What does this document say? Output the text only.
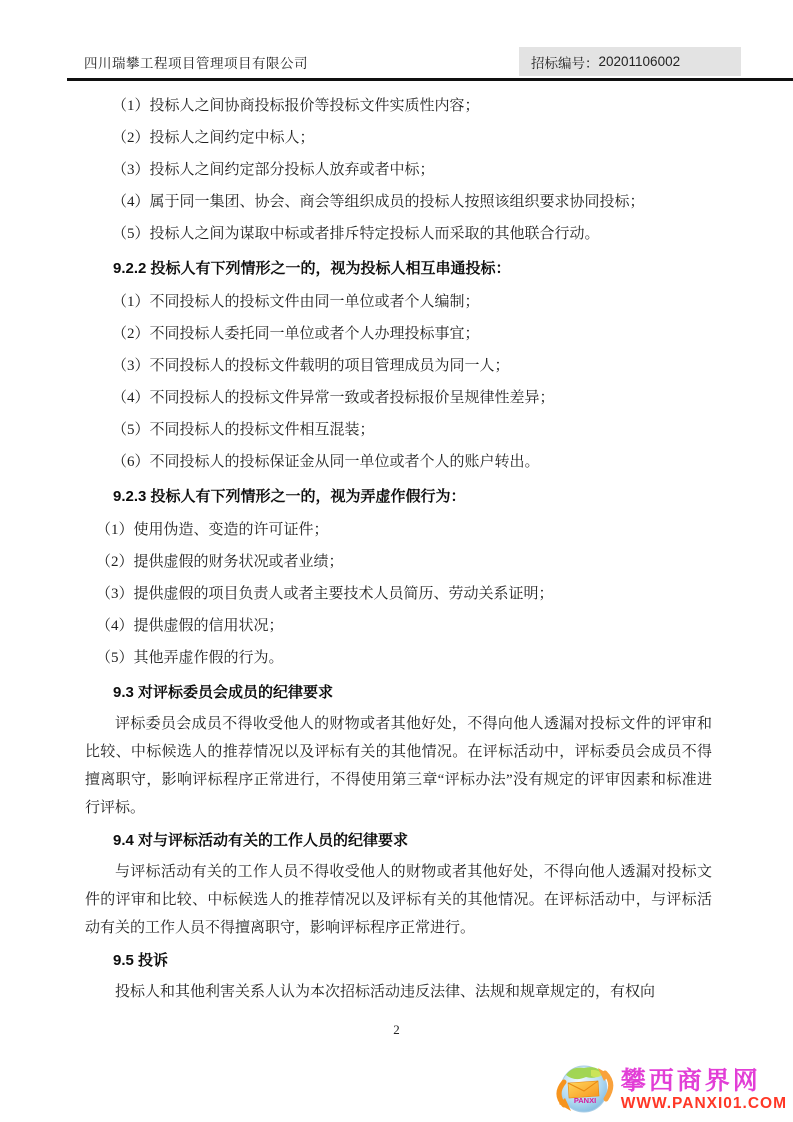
四川瑞攀工程项目管理项目有限公司	招标编号： 20201106002
（1）投标人之间协商投标报价等投标文件实质性内容；
（2）投标人之间约定中标人；
（3）投标人之间约定部分投标人放弃或者中标；
（4）属于同一集团、协会、商会等组织成员的投标人按照该组织要求协同投标；
（5）投标人之间为谋取中标或者排斥特定投标人而采取的其他联合行动。
9.2.2 投标人有下列情形之一的，视为投标人相互串通投标：
（1）不同投标人的投标文件由同一单位或者个人编制；
（2）不同投标人委托同一单位或者个人办理投标事宜；
（3）不同投标人的投标文件载明的项目管理成员为同一人；
（4）不同投标人的投标文件异常一致或者投标报价呈规律性差异；
（5）不同投标人的投标文件相互混装；
（6）不同投标人的投标保证金从同一单位或者个人的账户转出。
9.2.3 投标人有下列情形之一的，视为弄虚作假行为：
（1）使用伪造、变造的许可证件；
（2）提供虚假的财务状况或者业绩；
（3）提供虚假的项目负责人或者主要技术人员简历、劳动关系证明；
（4）提供虚假的信用状况；
（5）其他弄虚作假的行为。
9.3 对评标委员会成员的纪律要求

评标委员会成员不得收受他人的财物或者其他好处，不得向他人透漏对投标文件的评审和比较、中标候选人的推荐情况以及评标有关的其他情况。在评标活动中，评标委员会成员不得擅离职守，影响评标程序正常进行，不得使用第三章“评标办法”没有规定的评审因素和标准进行评标。

9.4 对与评标活动有关的工作人员的纪律要求

与评标活动有关的工作人员不得收受他人的财物或者其他好处，不得向他人透漏对投标文件的评审和比较、中标候选人的推荐情况以及评标有关的其他情况。在评标活动中，与评标活动有关的工作人员不得擅离职守，影响评标程序正常进行。

9.5 投诉

投标人和其他利害关系人认为本次招标活动违反法律、法规和规章规定的，有权向

2
PANXI
攀西商界网
WWW.PANXI01.COM
